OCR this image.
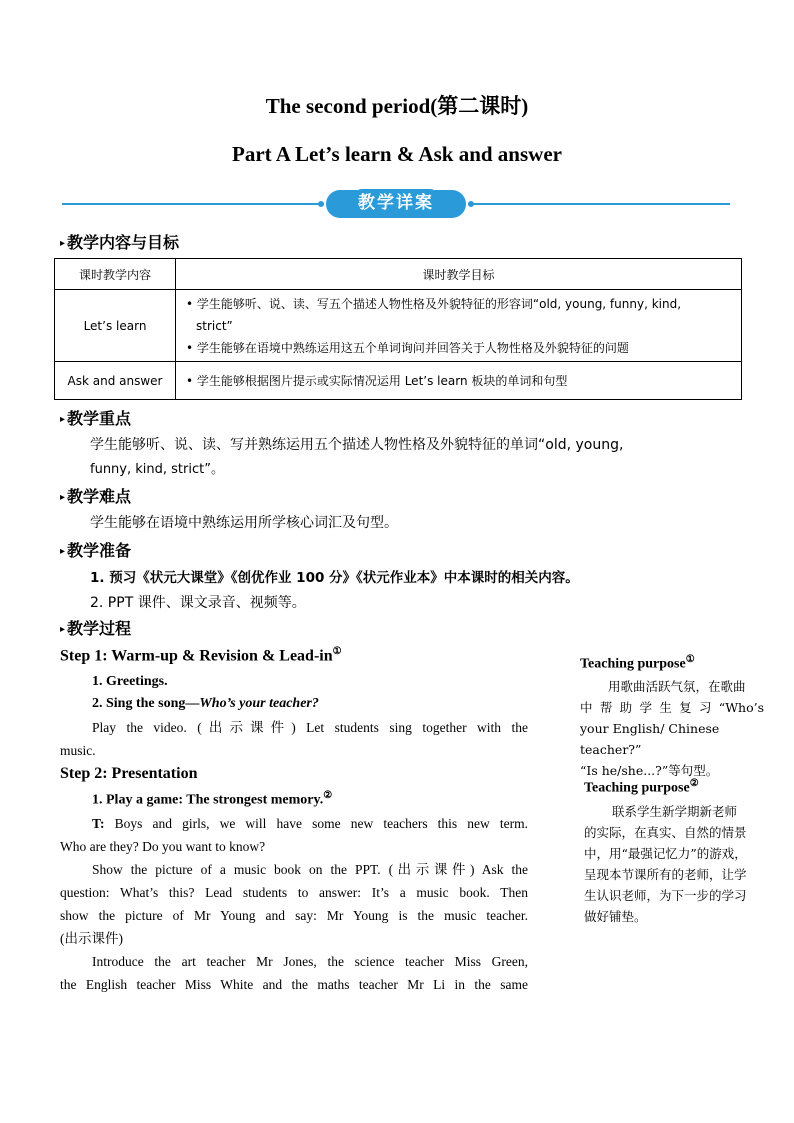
The second period(第二课时)
Part A Let’s learn & Ask and answer
教学详案
▸ 教学内容与目标
课时教学内容	课时教学目标
Let’s learn	• 学生能够听、说、读、写五个描述人物性格及外貌特征的形容词“old, young, funny, kind,
strict”
• 学生能够在语境中熟练运用这五个单词询问并回答关于人物性格及外貌特征的问题

Ask and answer	• 学生能够根据图片提示或实际情况运用 Let’s learn 板块的单词和句型
▸ 教学重点
学生能够听、说、读、写并熟练运用五个描述人物性格及外貌特征的单词“old, young,
funny, kind, strict”。
▸ 教学难点
学生能够在语境中熟练运用所学核心词汇及句型。
▸ 教学准备
1. 预习《状元大课堂》《创优作业 100 分》《状元作业本》中本课时的相关内容。
2. PPT 课件、课文录音、视频等。
▸ 教学过程
Step 1: Warm-up & Revision & Lead-in①
1. Greetings.
2. Sing the song—Who’s your teacher?
Play the video. (出示课件) Let students sing together with the
music.
Step 2: Presentation
1. Play a game: The strongest memory.②
T: Boys and girls, we will have some new teachers this new term.
Who are they? Do you want to know?
Show the picture of a music book on the PPT. (出示课件) Ask the
question: What’s this? Lead students to answer: It’s a music book. Then
show the picture of Mr Young and say: Mr Young is the music teacher.
(出示课件)
Introduce the art teacher Mr Jones, the science teacher Miss Green,
the English teacher Miss White and the maths teacher Mr Li in the same
Teaching purpose①
用歌曲活跃气氛，在歌曲
中帮助学生复习“Who’s
your English/ Chinese teacher?”
“Is he/she...?”等句型。
Teaching purpose②
联系学生新学期新老师
的实际，在真实、自然的情景
中，用“最强记忆力”的游戏，
呈现本节课所有的老师，让学
生认识老师，为下一步的学习
做好铺垫。
